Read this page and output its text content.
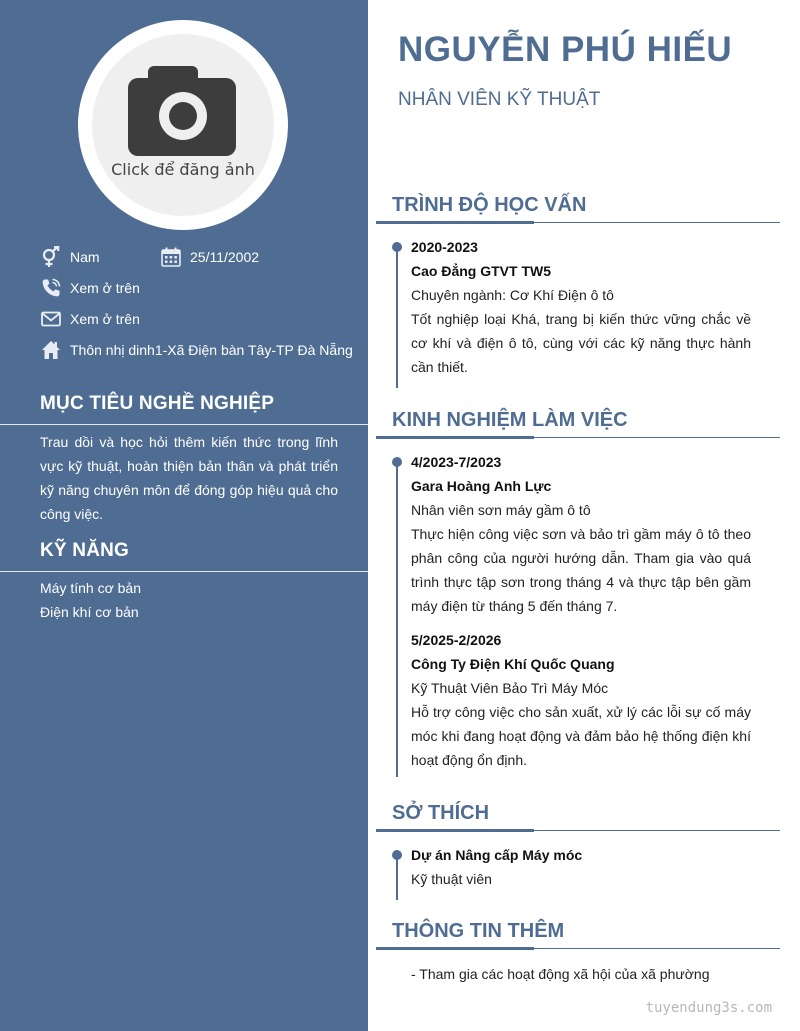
Click để đăng ảnh
Nam	25/11/2002
Xem ở trên
Xem ở trên
Thôn nhị dinh1-Xã Điện bàn Tây-TP Đà Nẵng
MỤC TIÊU NGHỀ NGHIỆP
Trau dồi và học hỏi thêm kiến thức trong lĩnh vực kỹ thuật, hoàn thiện bản thân và phát triển kỹ năng chuyên môn để đóng góp hiệu quả cho công việc.
KỸ NĂNG
Máy tính cơ bản
Điện khí cơ bản
NGUYỄN PHÚ HIẾU
NHÂN VIÊN KỸ THUẬT
TRÌNH ĐỘ HỌC VẤN
2020-2023
Cao Đẳng GTVT TW5
Chuyên ngành: Cơ Khí Điện ô tô
Tốt nghiệp loại Khá, trang bị kiến thức vững chắc về cơ khí và điện ô tô, cùng với các kỹ năng thực hành cần thiết.
KINH NGHIỆM LÀM VIỆC
4/2023-7/2023
Gara Hoàng Anh Lực
Nhân viên sơn máy gầm ô tô
Thực hiện công việc sơn và bảo trì gầm máy ô tô theo phân công của người hướng dẫn. Tham gia vào quá trình thực tập sơn trong tháng 4 và thực tập bên gầm máy điện từ tháng 5 đến tháng 7.
5/2025-2/2026
Công Ty Điện Khí Quốc Quang
Kỹ Thuật Viên Bảo Trì Máy Móc
Hỗ trợ công việc cho sản xuất, xử lý các lỗi sự cố máy móc khi đang hoạt động và đảm bảo hệ thống điện khí hoạt động ổn định.
SỞ THÍCH
Dự án Nâng cấp Máy móc
Kỹ thuật viên
THÔNG TIN THÊM
- Tham gia các hoạt động xã hội của xã phường
tuyendung3s.com
